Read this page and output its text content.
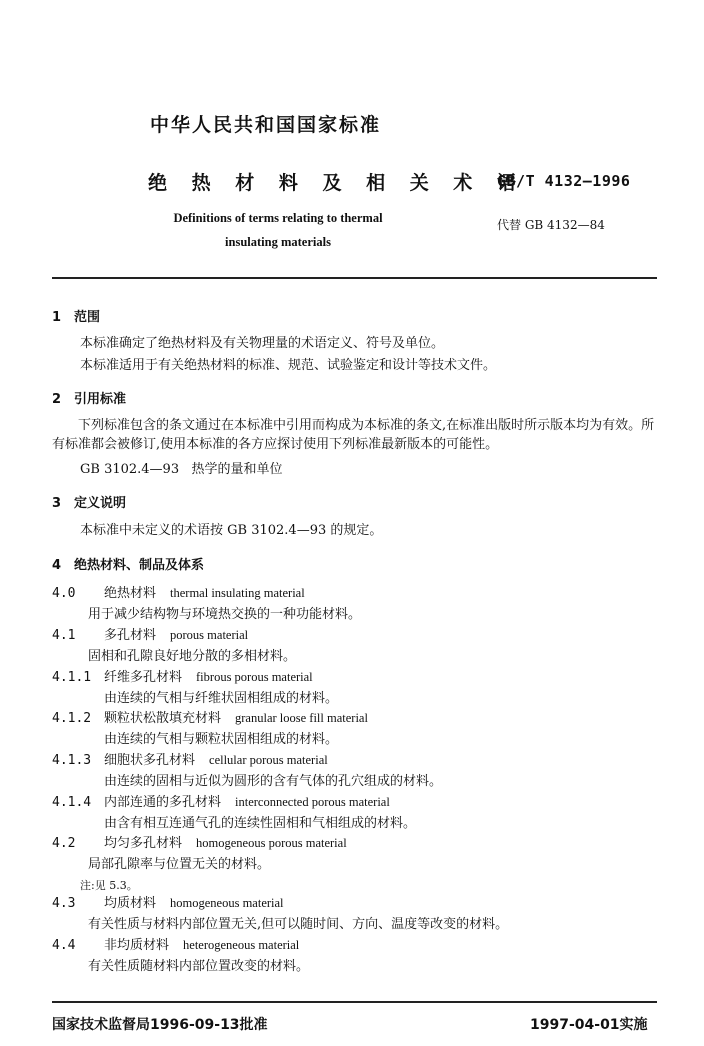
中华人民共和国国家标准
绝 热 材 料 及 相 关 术 语
GB/T 4132—1996
Definitions of terms relating to thermal
insulating materials
代替 GB 4132—84
1 范围
本标准确定了绝热材料及有关物理量的术语定义、符号及单位。
本标准适用于有关绝热材料的标准、规范、试验鉴定和设计等技术文件。
2 引用标准
下列标准包含的条文通过在本标准中引用而构成为本标准的条文,在标准出版时所示版本均为有效。所有标准都会被修订,使用本标准的各方应探讨使用下列标准最新版本的可能性。
GB 3102.4—93   热学的量和单位
3 定义说明
本标准中未定义的术语按 GB 3102.4—93 的规定。
4 绝热材料、制品及体系
4.0 绝热材料 thermal insulating material
用于减少结构物与环境热交换的一种功能材料。
4.1 多孔材料 porous material
固相和孔隙良好地分散的多相材料。
4.1.1 纤维多孔材料 fibrous porous material
由连续的气相与纤维状固相组成的材料。
4.1.2 颗粒状松散填充材料 granular loose fill material
由连续的气相与颗粒状固相组成的材料。
4.1.3 细胞状多孔材料 cellular porous material
由连续的固相与近似为圆形的含有气体的孔穴组成的材料。
4.1.4 内部连通的多孔材料 interconnected porous material
由含有相互连通气孔的连续性固相和气相组成的材料。
4.2 均匀多孔材料 homogeneous porous material
局部孔隙率与位置无关的材料。
注:见 5.3。
4.3 均质材料 homogeneous material
有关性质与材料内部位置无关,但可以随时间、方向、温度等改变的材料。
4.4 非均质材料 heterogeneous material
有关性质随材料内部位置改变的材料。
国家技术监督局1996-09-13批准	1997-04-01实施
